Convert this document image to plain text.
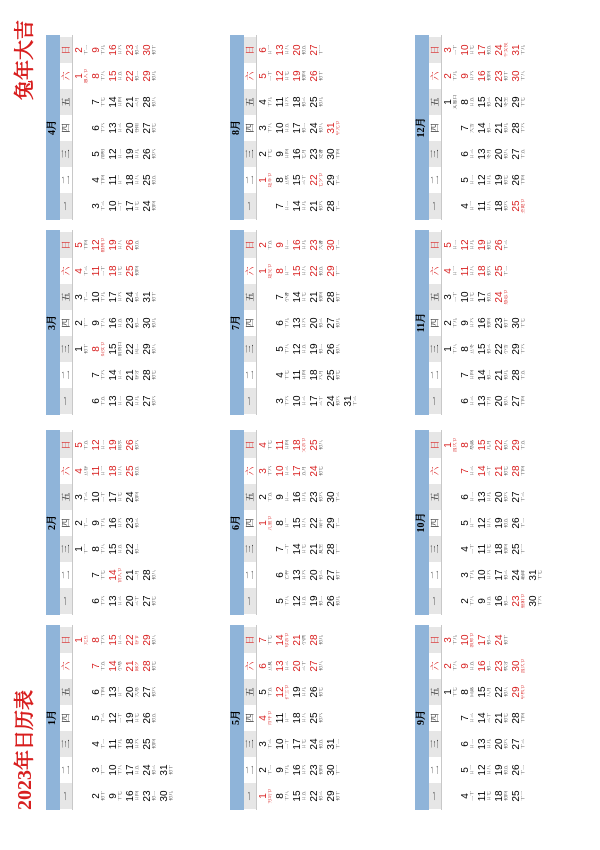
2023年日历表
兔年大吉
1月
一
二
三
四
五
六
日 1 元旦
2 初十
3 十一
4 十二
5 十三
6 十四
7 十五
8 十六
9 十七
10 十八
11 十九
12 二十
13 廿一
14 小寒
15 廿三
16 廿四
17 廿五
18 廿六
19 廿七
20 大寒
21 除夕
22 春节
23 初二
24 初三
25 初四
26 初五
27 初六
28 初七
29 初八
30 初九
31 初十
2月
一
二
三
四
五
六
日
1 十一
2 十二
3 十三
4 立春
5 十五
6 十六
7 十七
8 十八
9 十九
10 二十
11 廿一
12 廿二
13 廿三
14 情人节
15 廿五
16 廿六
17 廿七
18 廿八
19 雨水
20 三十
21 二月
22 初二
23 初三
24 初四
25 初五
26 初六
27 初七
28 初八
3月
一
二
三
四
五
六
日
1 初十
2 十一
3 十二
4 十三
5 十四
6 十五
7 十六
8 妇女节
9 十八
10 十九
11 二十
12 植树节
13 廿二
14 廿三
15 消费日
16 廿五
17 廿六
18 廿七
19 廿八
20 廿九
21 春分
22 闰二
23 初二
24 初三
25 初四
26 初五
27 初六
28 初七
29 初八
30 初九
31 初十
4月
一
二
三
四
五
六
日
1 愚人节
2 十二
3 十三
4 十四
5 清明
6 十六
7 十七
8 十八
9 十九
10 二十
11 廿一
12 廿二
13 廿三
14 廿四
15 廿五
16 廿六
17 廿七
18 廿八
19 廿九
20 谷雨
21 三月
22 初二
23 初三
24 初四
25 初五
26 初六
27 初七
28 初八
29 初九
30 初十
5月
一
二
三
四
五
六
日
1 劳动节
2 十二
3 十三
4 青年节
5 十五
6 立夏
7 十七
8 十八
9 十九
10 二十
11 廿一
12 护士节
13 廿三
14 母亲节
15 廿五
16 廿六
17 廿七
18 廿八
19 廿九
20 三十
21 小满
22 初三
23 初四
24 初五
25 初六
26 初七
27 初八
28 初九
29 初十
30 十一
31 十二
6月
一
二
三
四
五
六
日
1 儿童节
2 十五
3 十六
4 十七
5 十八
6 芒种
7 二十
8 廿一
9 廿二
10 廿三
11 廿四
12 廿五
13 廿六
14 廿七
15 廿八
16 廿九
17 五月
18 父亲节
19 初二
20 初三
21 夏至
22 端午
23 初六
24 初七
25 初八
26 初九
27 初十
28 十一
29 十二
30 十三
7月
一
二
三
四
五
六
日
1 建党节
2 十五
3 十六
4 十七
5 十八
6 十九
7 小暑
8 廿一
9 廿二
10 廿三
11 廿四
12 廿五
13 廿六
14 廿七
15 廿八
16 廿九
17 三十
18 六月
19 初二
20 初三
21 初四
22 初五
23 大暑
24 初六
25 初七
26 初八
27 初九
28 初十
29 十一
30 十二
31 十三
8月
一
二
三
四
五
六
日
1 建军节
2 十七
3 十八
4 十九
5 二十
6 廿一
7 廿二
8 立秋
9 廿四
10 廿五
11 廿六
12 廿七
13 廿八
14 廿九
15 三十
16 七月
17 初二
18 初三
19 初四
20 初五
21 初六
22 七夕节
23 处暑
24 初八
25 初九
26 初十
27 十一
28 十二
29 十三
30 十四
31 中元节
9月
一
二
三
四
五
六
日
1 十七
2 十八
3 十九
4 二十
5 廿一
6 廿二
7 廿三
8 白露
9 廿五
10 教师节
11 廿七
12 廿八
13 廿九
14 三十
15 八月
16 初二
17 初三
18 初四
19 初五
20 初六
21 初七
22 初八
23 秋分
24 初十
25 十一
26 十二
27 十三
28 十四
29 中秋节
30 国庆节
10月
一
二
三
四
五
六
日 1 国庆节
2 十八
3 十九
4 二十
5 廿一
6 廿二
7 廿三
8 寒露
9 廿五
10 廿六
11 廿七
12 廿八
13 廿九
14 三十
15 九月
16 初二
17 初三
18 初四
19 初五
20 初六
21 初七
22 初八
23 重阳节
24 霜降
25 十一
26 十二
27 十三
28 十四
29 十五
30 十六
31 十七
11月
一
二
三
四
五
六
日
1 十八
2 十九
3 二十
4 廿一
5 廿二
6 廿三
7 廿四
8 立冬
9 廿六
10 廿七
11 廿八
12 廿九
13 十月
14 初二
15 初三
16 初四
17 初五
18 初六
19 初七
20 初八
21 初九
22 小雪
23 初十
24 感恩节
25 十二
26 十三
27 十四
28 十五
29 十六
30 十七
12月
一
二
三
四
五
六
日
1 艾滋日
2 十九
3 二十
4 廿一
5 廿二
6 廿三
7 大雪
8 廿五
9 廿六
10 廿七
11 廿八
12 廿九
13 冬月
14 初二
15 初三
16 初四
17 初五
18 初六
19 初七
20 初八
21 初九
22 冬至
23 初十
24 平安夜
25 圣诞节
26 十四
27 十五
28 十六
29 十七
30 十八
31 十九
